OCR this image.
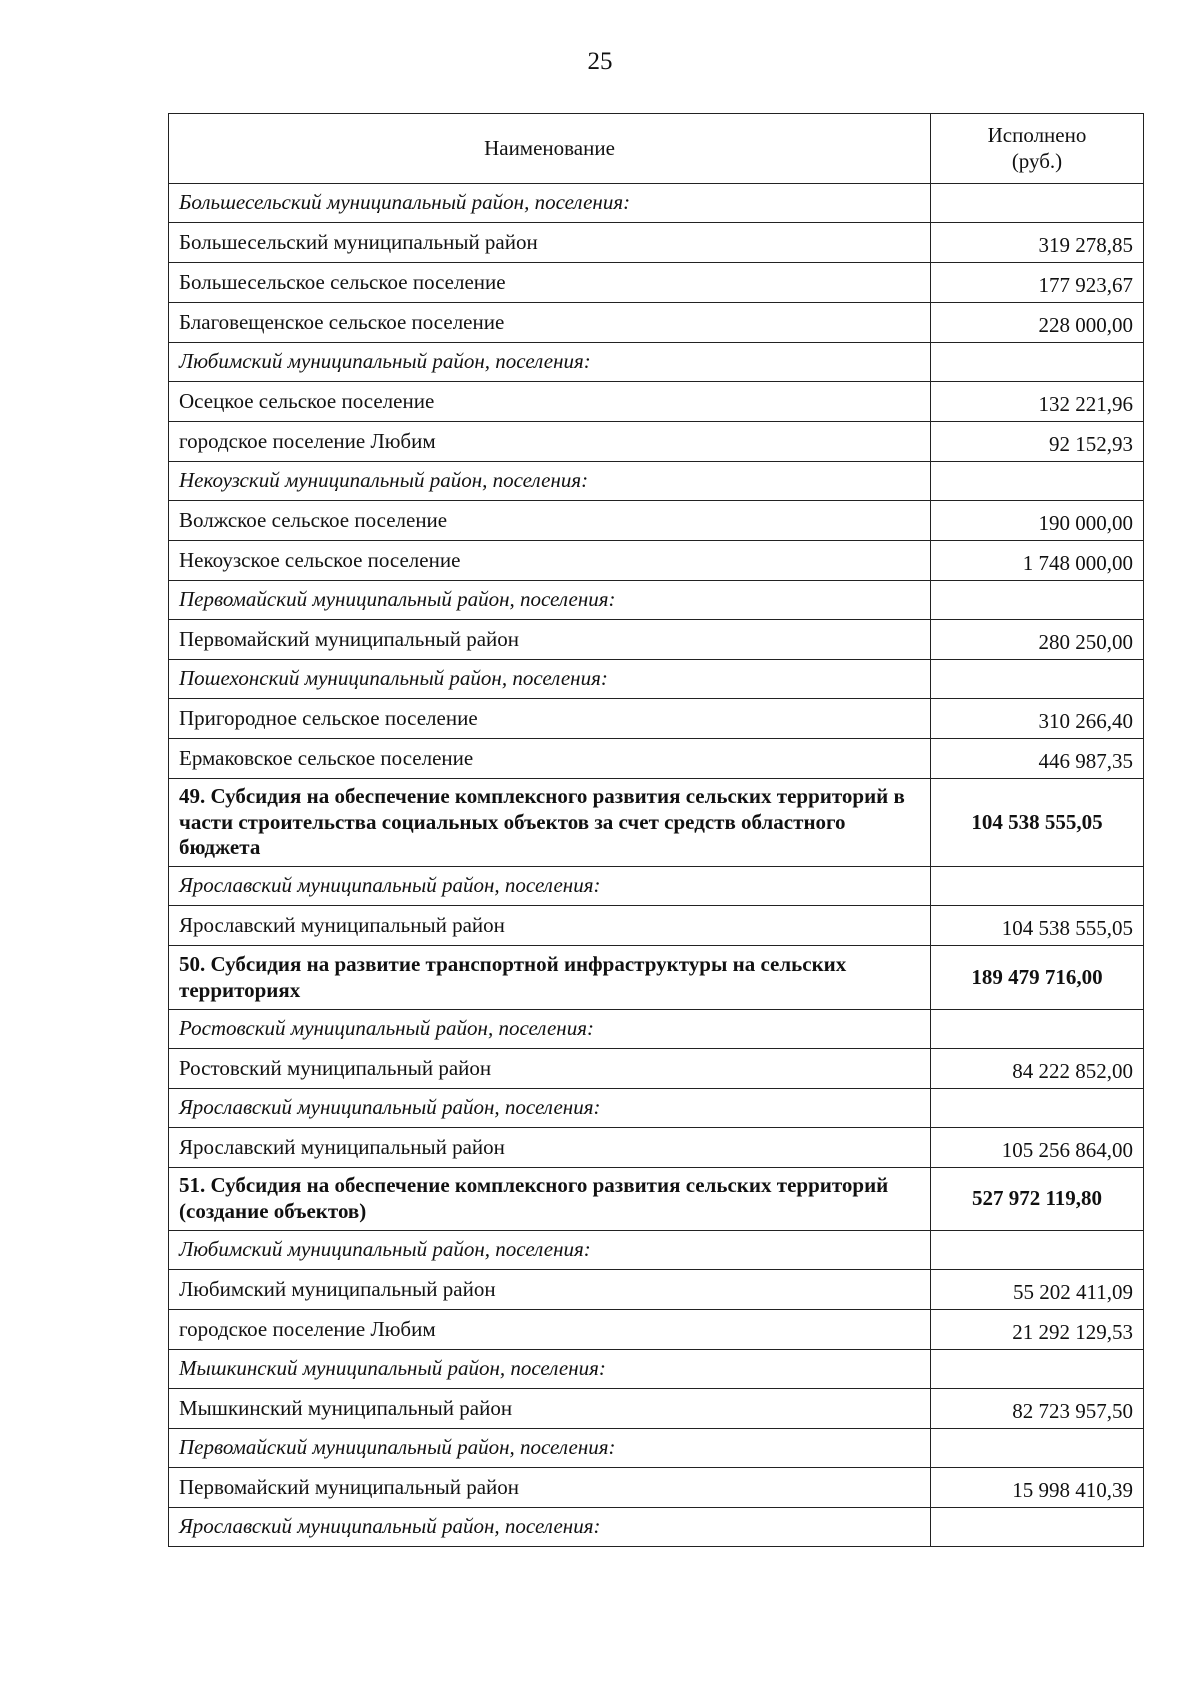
25
Наименование	Исполнено
(руб.)
Большесельский муниципальный район, поселения:	
Большесельский муниципальный район	319 278,85
Большесельское сельское поселение	177 923,67
Благовещенское сельское поселение	228 000,00
Любимский муниципальный район, поселения:	
Осецкое сельское поселение	132 221,96
городское поселение Любим	92 152,93
Некоузский муниципальный район, поселения:	
Волжское сельское поселение	190 000,00
Некоузское сельское поселение	1 748 000,00
Первомайский муниципальный район, поселения:	
Первомайский муниципальный район	280 250,00
Пошехонский муниципальный район, поселения:	
Пригородное сельское поселение	310 266,40
Ермаковское сельское поселение	446 987,35
49. Субсидия на обеспечение комплексного развития сельских территорий в части строительства социальных объектов за счет средств областного бюджета	104 538 555,05
Ярославский муниципальный район, поселения:	
Ярославский муниципальный район	104 538 555,05
50. Субсидия на развитие транспортной инфраструктуры на сельских территориях	189 479 716,00
Ростовский муниципальный район, поселения:	
Ростовский муниципальный район	84 222 852,00
Ярославский муниципальный район, поселения:	
Ярославский муниципальный район	105 256 864,00
51. Субсидия на обеспечение комплексного развития сельских территорий (создание объектов)	527 972 119,80
Любимский муниципальный район, поселения:	
Любимский муниципальный район	55 202 411,09
городское поселение Любим	21 292 129,53
Мышкинский муниципальный район, поселения:	
Мышкинский муниципальный район	82 723 957,50
Первомайский муниципальный район, поселения:	
Первомайский муниципальный район	15 998 410,39
Ярославский муниципальный район, поселения:	
